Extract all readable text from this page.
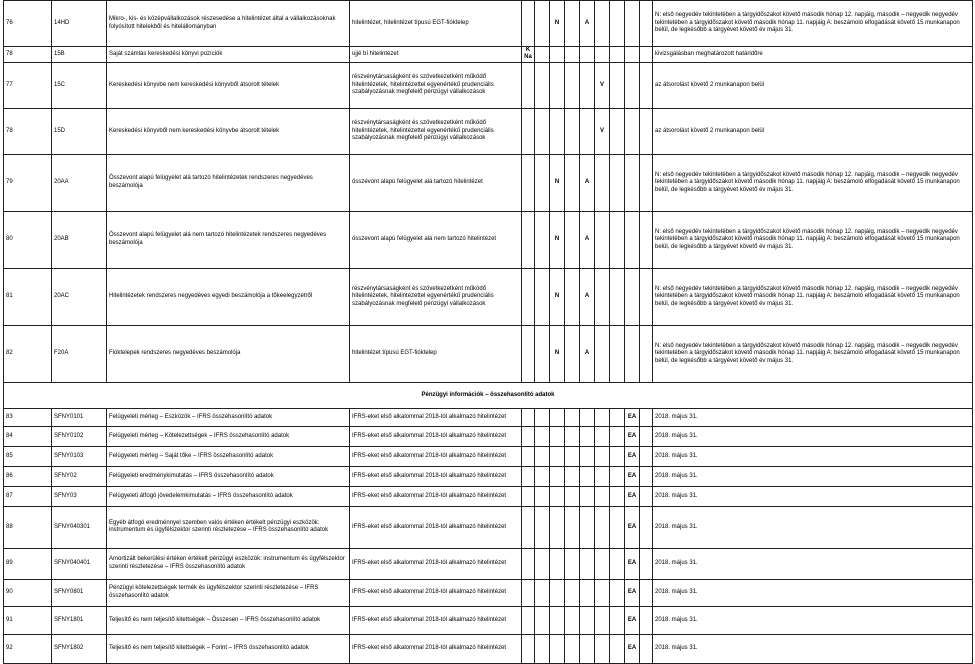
76	14HD	Mikro-, kis- és középvállalkozások részesedése a hitelintézet által a vállalkozásoknak folyósított hitelekből és hitelállományban	hitelintézet, hitelintézet típusú EGT-fióktelep			N		A					N: első negyedév tekintetében a tárgyidőszakot követő második hónap 12. napjáig, második – negyedik negyedév tekintetében a tárgyidőszakot követő második hónap 11. napjáig A: beszámoló elfogadását követő 15 munkanapon belül, de legkésőbb a tárgyévet követő év május 31.
78	15B	Saját számlás kereskedési könyvi pozíciók	ujjé bí hitelintézet	KNa									kivizsgálásban meghatározott határidőre
77	15C	Kereskedési könyvbe nem kereskedési könyvből átsorolt tételek	részvénytársaságként és szövetkezetként működő hitelintézetek, hitelintézettel egyenértékű prudenciális szabályozásnak megfelelő pénzügyi vállalkozások						V				az átsorolást követő 2 munkanapon belül
78	15D	Kereskedési könyvből nem kereskedési könyvbe átsorolt tételek	részvénytársaságként és szövetkezetként működő hitelintézetek, hitelintézettel egyenértékű prudenciális szabályozásnak megfelelő pénzügyi vállalkozások						V				az átsorolást követő 2 munkanapon belül
79	20AA	Összevont alapú felügyelet alá tartozó hitelintézetek rendszeres negyedéves beszámolója	összevont alapú felügyelet alá tartozó hitelintézet			N		A					N: első negyedév tekintetében a tárgyidőszakot követő második hónap 12. napjáig, második – negyedik negyedév tekintetében a tárgyidőszakot követő második hónap 11. napjáig A: beszámoló elfogadását követő 15 munkanapon belül, de legkésőbb a tárgyévet követő év május 31.
80	20AB	Összevont alapú felügyelet alá nem tartozó hitelintézetek rendszeres negyedéves beszámolója	összevont alapú felügyelet alá nem tartozó hitelintézet			N		A					N: első negyedév tekintetében a tárgyidőszakot követő második hónap 12. napjáig, második – negyedik negyedév tekintetében a tárgyidőszakot követő második hónap 11. napjáig A: beszámoló elfogadását követő 15 munkanapon belül, de legkésőbb a tárgyévet követő év május 31.
81	20AC	Hitelintézetek rendszeres negyedéves egyedi beszámolója a tőkeelegyzetről	részvénytársaságként és szövetkezetként működő hitelintézetek, hitelintézettel egyenértékű prudenciális szabályozásnak megfelelő pénzügyi vállalkozások			N		A					N: első negyedév tekintetében a tárgyidőszakot követő második hónap 12. napjáig, második – negyedik negyedév tekintetében a tárgyidőszakot követő második hónap 11. napjáig A: beszámoló elfogadását követő 15 munkanapon belül, de legkésőbb a tárgyévet követő év május 31.
82	F20A	Fióktelepek rendszeres negyedéves beszámolója	hitelintézet típusú EGT-fióktelep			N		A					N: első negyedév tekintetében a tárgyidőszakot követő második hónap 12. napjáig, második – negyedik negyedév tekintetében a tárgyidőszakot követő második hónap 11. napjáig A: beszámoló elfogadását követő 15 munkanapon belül, de legkésőbb a tárgyévet követő év május 31.
Pénzügyi információk – összehasonlító adatok													
83	SFNY0101	Felügyeleti mérleg – Eszközök – IFRS összehasonlító adatok	IFRS-eket első alkalommal 2018-tól alkalmazó hitelintézet								EA		2018. május 31.
84	SFNY0102	Felügyeleti mérleg – Kötelezettségek – IFRS összehasonlító adatok	IFRS-eket első alkalommal 2018-tól alkalmazó hitelintézet								EA		2018. május 31.
85	SFNY0103	Felügyeleti mérleg – Saját tőke – IFRS összehasonlító adatok	IFRS-eket első alkalommal 2018-tól alkalmazó hitelintézet								EA		2018. május 31.
86	SFNY02	Felügyeleti eredménykimutatás – IFRS összehasonlító adatok	IFRS-eket első alkalommal 2018-tól alkalmazó hitelintézet								EA		2018. május 31.
87	SFNY03	Felügyeleti átfogó jövedelemkimutatás – IFRS összehasonlító adatok	IFRS-eket első alkalommal 2018-tól alkalmazó hitelintézet								EA		2018. május 31.
88	SFNY040301	Egyéb átfogó eredménnyel szemben valós értéken értékelt pénzügyi eszközök: instrumentum és ügyfélszektor szerinti részletezése – IFRS összehasonlító adatok	IFRS-eket első alkalommal 2018-tól alkalmazó hitelintézet								EA		2018. május 31.
89	SFNY040401	Amortizált bekerülési értéken értékelt pénzügyi eszközök: instrumentum és ügyfélszektor szerinti részletezése – IFRS összehasonlító adatok	IFRS-eket első alkalommal 2018-tól alkalmazó hitelintézet								EA		2018. május 31.
90	SFNY0801	Pénzügyi kötelezettségek termék és ügyfélszektor szerinti részletezése – IFRS összehasonlító adatok	IFRS-eket első alkalommal 2018-tól alkalmazó hitelintézet								EA		2018. május 31.
91	SFNY1801	Teljesítő és nem teljesítő kitettségek – Összesen – IFRS összehasonlító adatok	IFRS-eket első alkalommal 2018-tól alkalmazó hitelintézet								EA		2018. május 31.
92	SFNY1802	Teljesítő és nem teljesítő kitettségek – Forint – IFRS összehasonlító adatok	IFRS-eket első alkalommal 2018-tól alkalmazó hitelintézet								EA		2018. május 31.
